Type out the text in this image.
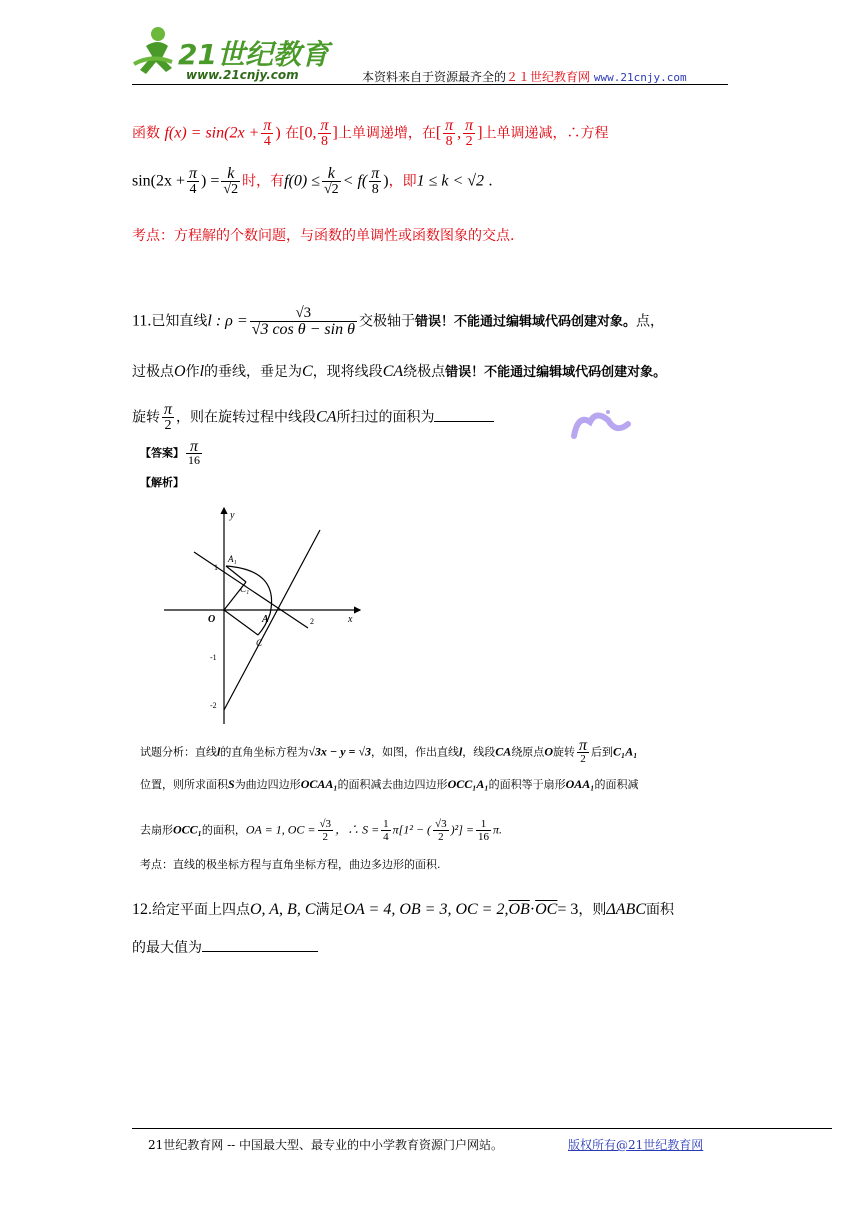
21世纪教育
www.21cnjy.com	本资料来自于资源最齐全的２１世纪教育网 www.21cnjy.com
函数 $f(x) = \sin(2x + \frac{\pi}{4}$ ) 在[0, $\frac{\pi}{8}$ ]上单调递增，在[ $\frac{\pi}{8}$ , $\frac{\pi}{2}$ ]上单调递减，∴方程
$\sin(2x + \frac{\pi}{4}$ ) = $\frac{k}{√2}$ 时，有$f(0) \le \frac{k}{√2} < f( \frac{\pi}{8}$ )，即1 ≤ k < √2 .
考点：方程解的个数问题，与函数的单调性或函数图象的交点.
11.已知直线l : $\rho = \frac{√3}{\text{√3 cos θ − sin θ}}$ 交极轴于错误！不能通过编辑域代码创建对象。点，
过极点O作l的垂线，垂足为C，现将线段CA绕极点错误！不能通过编辑域代码创建对象。
旋转 $\frac{\pi}{2}$ ，则在旋转过程中线段CA所扫过的面积为
【答案】 $\frac{\pi}{16}$
【解析】
y
x
O
A₁
C₁
A
C
1
-1
-2
2
试题分析：直线l的直角坐标方程为√3x − y = √3，如图，作出直线l，线段CA绕原点O旋转 $\frac{\pi}{2}$ 后到C₁A₁
位置，则所求面积S为曲边四边形OCAA₁的面积减去曲边四边形OCC₁A₁的面积等于扇形OAA₁的面积减
去扇形OCC₁的面积，OA = 1, OC = $\frac{√3}{2}$ ，∴ $S = \frac{1}{4} \pi[1^2$ − ( $\frac{√3}{2} )^2] = \frac{1}{16} \pi$.
考点：直线的极坐标方程与直角坐标方程，曲边多边形的面积.
12.给定平面上四点O, A, B, C满足OA = 4, OB = 3, OC = $2,\overline{OB}\cdot\overline{OC}= 3$，则ΔABC面积
的最大值为
21世纪教育网 -- 中国最大型、最专业的中小学教育资源门户网站。	版权所有@21世纪教育网
